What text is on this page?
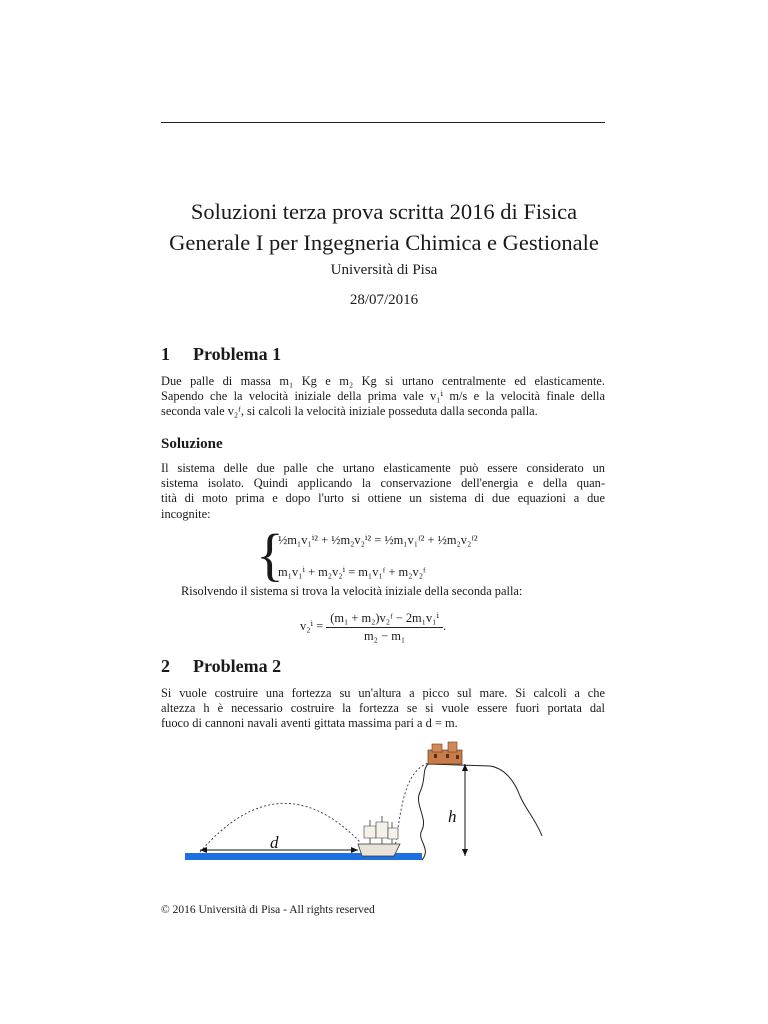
Soluzioni terza prova scritta 2016 di Fisica
Generale I per Ingegneria Chimica e Gestionale
Università di Pisa
28/07/2016
1 Problema 1
Due palle di massa m₁ Kg e m₂ Kg si urtano centralmente ed elasticamente.
Sapendo che la velocità iniziale della prima vale v₁ⁱ m/s e la velocità finale della
seconda vale v₂ᶠ, si calcoli la velocità iniziale posseduta dalla seconda palla.
Soluzione
Il sistema delle due palle che urtano elasticamente può essere considerato un
sistema isolato. Quindi applicando la conservazione dell'energia e della quan-
tità di moto prima e dopo l'urto si ottiene un sistema di due equazioni a due
incognite:
{
½m₁v₁ⁱ² + ½m₂v₂ⁱ² = ½m₁v₁ᶠ² + ½m₂v₂ᶠ²
m₁v₁ⁱ + m₂v₂ⁱ = m₁v₁ᶠ + m₂v₂ᶠ
Risolvendo il sistema si trova la velocità iniziale della seconda palla:
$v_2^i = \frac{\text{(m₁ + m₂)v₂ᶠ − 2m₁v₁ⁱ}}{\text{m₂ − m₁}}$ .
2 Problema 2
Si vuole costruire una fortezza su un'altura a picco sul mare. Si calcoli a che
altezza h è necessario costruire la fortezza se si vuole essere fuori portata dal
fuoco di cannoni navali aventi gittata massima pari a d = m.
d
h
© 2016 Università di Pisa - All rights reserved
